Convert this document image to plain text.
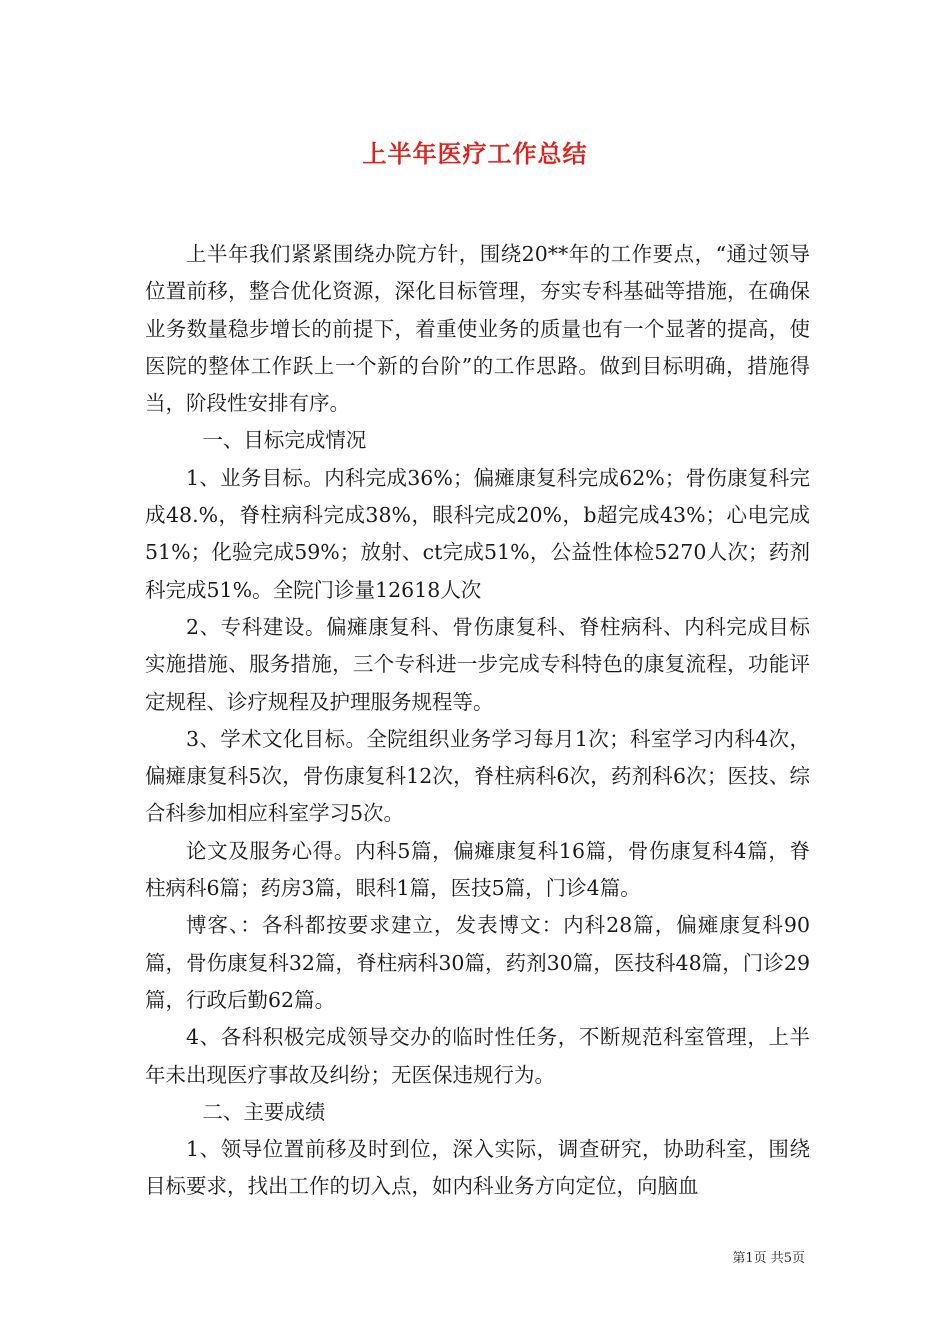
上半年医疗工作总结

上半年我们紧紧围绕办院方针，围绕20**年的工作要点，“通过领导位置前移，整合优化资源，深化目标管理，夯实专科基础等措施，在确保业务数量稳步增长的前提下，着重使业务的质量也有一个显著的提高，使医院的整体工作跃上一个新的台阶”的工作思路。做到目标明确，措施得当，阶段性安排有序。

一、目标完成情况

1、业务目标。内科完成36%；偏瘫康复科完成62%；骨伤康复科完成48.%，脊柱病科完成38%，眼科完成20%，b超完成43%；心电完成51%；化验完成59%；放射、ct完成51%，公益性体检5270人次；药剂科完成51%。全院门诊量12618人次

2、专科建设。偏瘫康复科、骨伤康复科、脊柱病科、内科完成目标实施措施、服务措施，三个专科进一步完成专科特色的康复流程，功能评定规程、诊疗规程及护理服务规程等。

3、学术文化目标。全院组织业务学习每月1次；科室学习内科4次，偏瘫康复科5次，骨伤康复科12次，脊柱病科6次，药剂科6次；医技、综合科参加相应科室学习5次。

论文及服务心得。内科5篇，偏瘫康复科16篇，骨伤康复科4篇，脊柱病科6篇；药房3篇，眼科1篇，医技5篇，门诊4篇。

博客、：各科都按要求建立，发表博文：内科28篇，偏瘫康复科90篇，骨伤康复科32篇，脊柱病科30篇，药剂30篇，医技科48篇，门诊29篇，行政后勤62篇。

4、各科积极完成领导交办的临时性任务，不断规范科室管理，上半年未出现医疗事故及纠纷；无医保违规行为。

二、主要成绩

1、领导位置前移及时到位，深入实际，调查研究，协助科室，围绕目标要求，找出工作的切入点，如内科业务方向定位，向脑血

第1页 共5页
